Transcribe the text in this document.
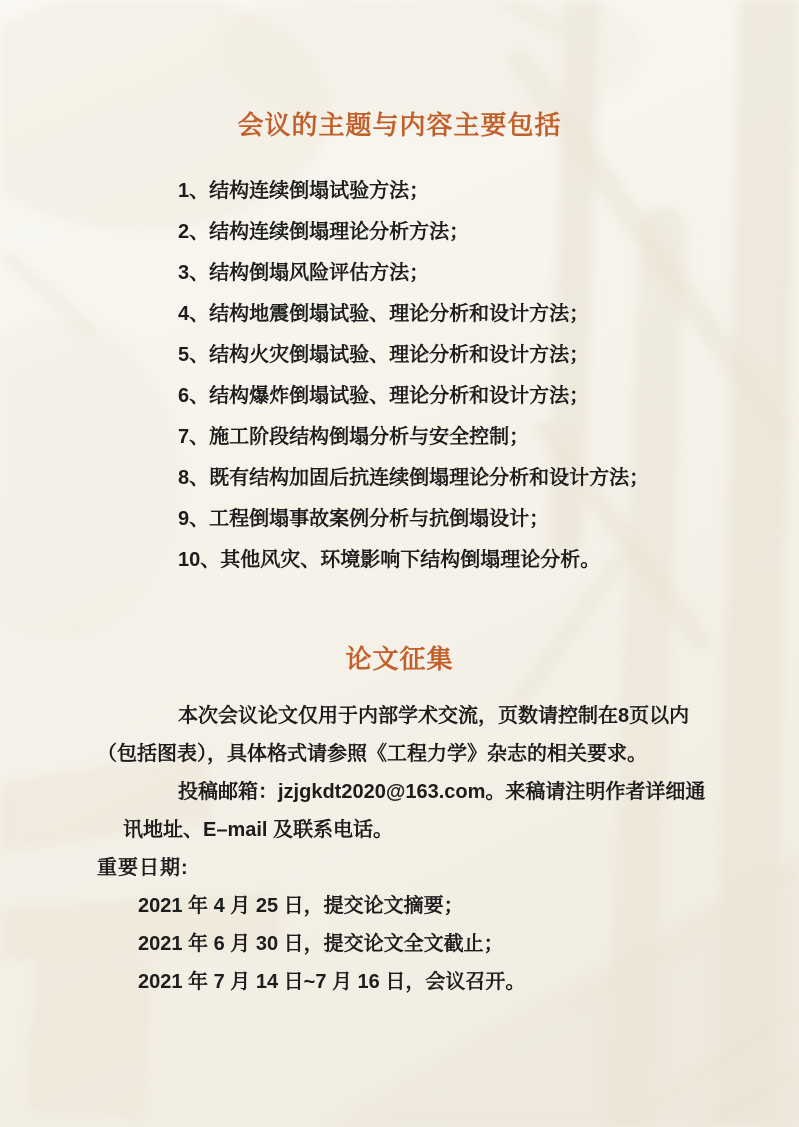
会议的主题与内容主要包括
1、结构连续倒塌试验方法；
2、结构连续倒塌理论分析方法；
3、结构倒塌风险评估方法；
4、结构地震倒塌试验、理论分析和设计方法；
5、结构火灾倒塌试验、理论分析和设计方法；
6、结构爆炸倒塌试验、理论分析和设计方法；
7、施工阶段结构倒塌分析与安全控制；
8、既有结构加固后抗连续倒塌理论分析和设计方法；
9、工程倒塌事故案例分析与抗倒塌设计；
10、其他风灾、环境影响下结构倒塌理论分析。
论文征集
本次会议论文仅用于内部学术交流，页数请控制在8页以内
（包括图表），具体格式请参照《工程力学》杂志的相关要求。
投稿邮箱：jzjgkdt2020@163.com。来稿请注明作者详细通
讯地址、E–mail 及联系电话。
重要日期:
2021 年 4 月 25 日，提交论文摘要；
2021 年 6 月 30 日，提交论文全文截止；
2021 年 7 月 14 日~7 月 16 日，会议召开。
